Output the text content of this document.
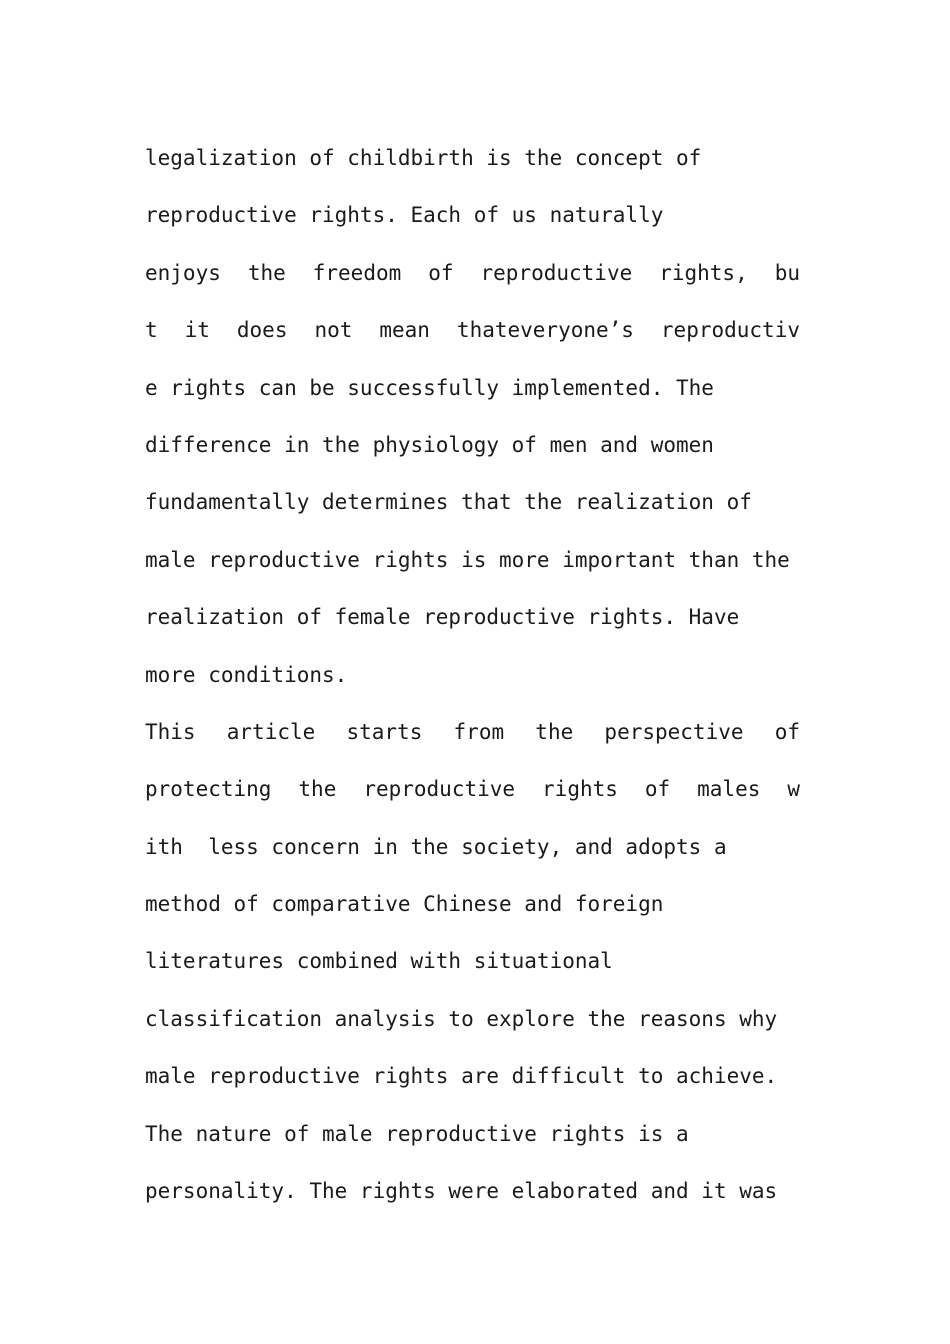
legalization of childbirth is the concept of
reproductive rights. Each of us naturally
enjoys the freedom of reproductive rights, bu
t it does not mean thateveryone’s reproductiv
e rights can be successfully implemented. The
difference in the physiology of men and women
fundamentally determines that the realization of
male reproductive rights is more important than the
realization of female reproductive rights. Have
more conditions.
This article starts from the perspective of
protecting the reproductive rights of males w
ith  less concern in the society, and adopts a
method of comparative Chinese and foreign
literatures combined with situational
classification analysis to explore the reasons why
male reproductive rights are difficult to achieve.
The nature of male reproductive rights is a
personality. The rights were elaborated and it was
